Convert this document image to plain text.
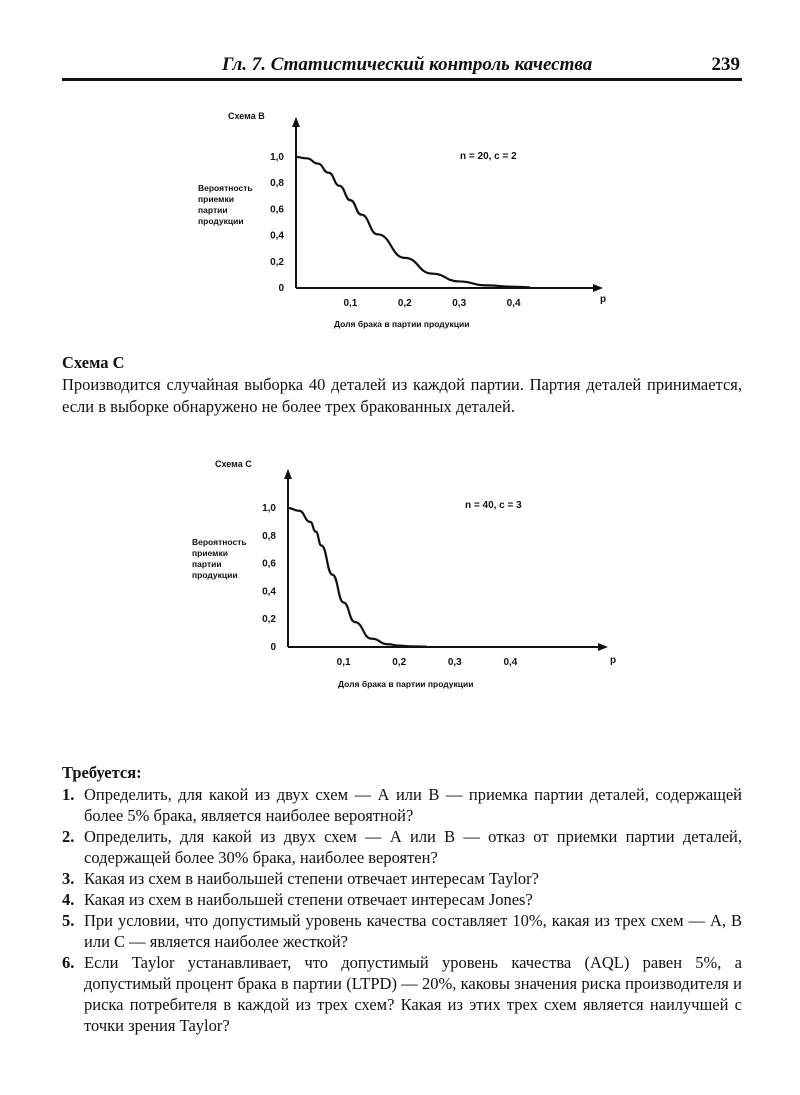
Гл. 7. Статистический контроль качества	239
Схема В
Вероятность
приемки
партии
продукции
n = 20, c = 2
Доля брака в партии продукции
p
0
0,2
0,4
0,6
0,8
1,0
0,1	0,2	0,3	0,4
Схема С

Производится случайная выборка 40 деталей из каждой партии. Партия деталей принимается, если в выборке обнаружено не более трех бракованных деталей.

Схема С
Вероятность
приемки
партии
продукции
n = 40, c = 3
Доля брака в партии продукции
p
0
0,2
0,4
0,6
0,8
1,0
0,1	0,2	0,3	0,4
Требуется:
1. Определить, для какой из двух схем — А или В — приемка партии деталей, содержащей более 5% брака, является наиболее вероятной?
2. Определить, для какой из двух схем — А или В — отказ от приемки партии деталей, содержащей более 30% брака, наиболее вероятен?
3. Какая из схем в наибольшей степени отвечает интересам Taylor?
4. Какая из схем в наибольшей степени отвечает интересам Jones?
5. При условии, что допустимый уровень качества составляет 10%, какая из трех схем — А, В или С — является наиболее жесткой?
6. Если Taylor устанавливает, что допустимый уровень качества (AQL) равен 5%, а допустимый процент брака в партии (LTPD) — 20%, каковы значения риска производителя и риска потребителя в каждой из трех схем? Какая из этих трех схем является наилучшей с точки зрения Taylor?
